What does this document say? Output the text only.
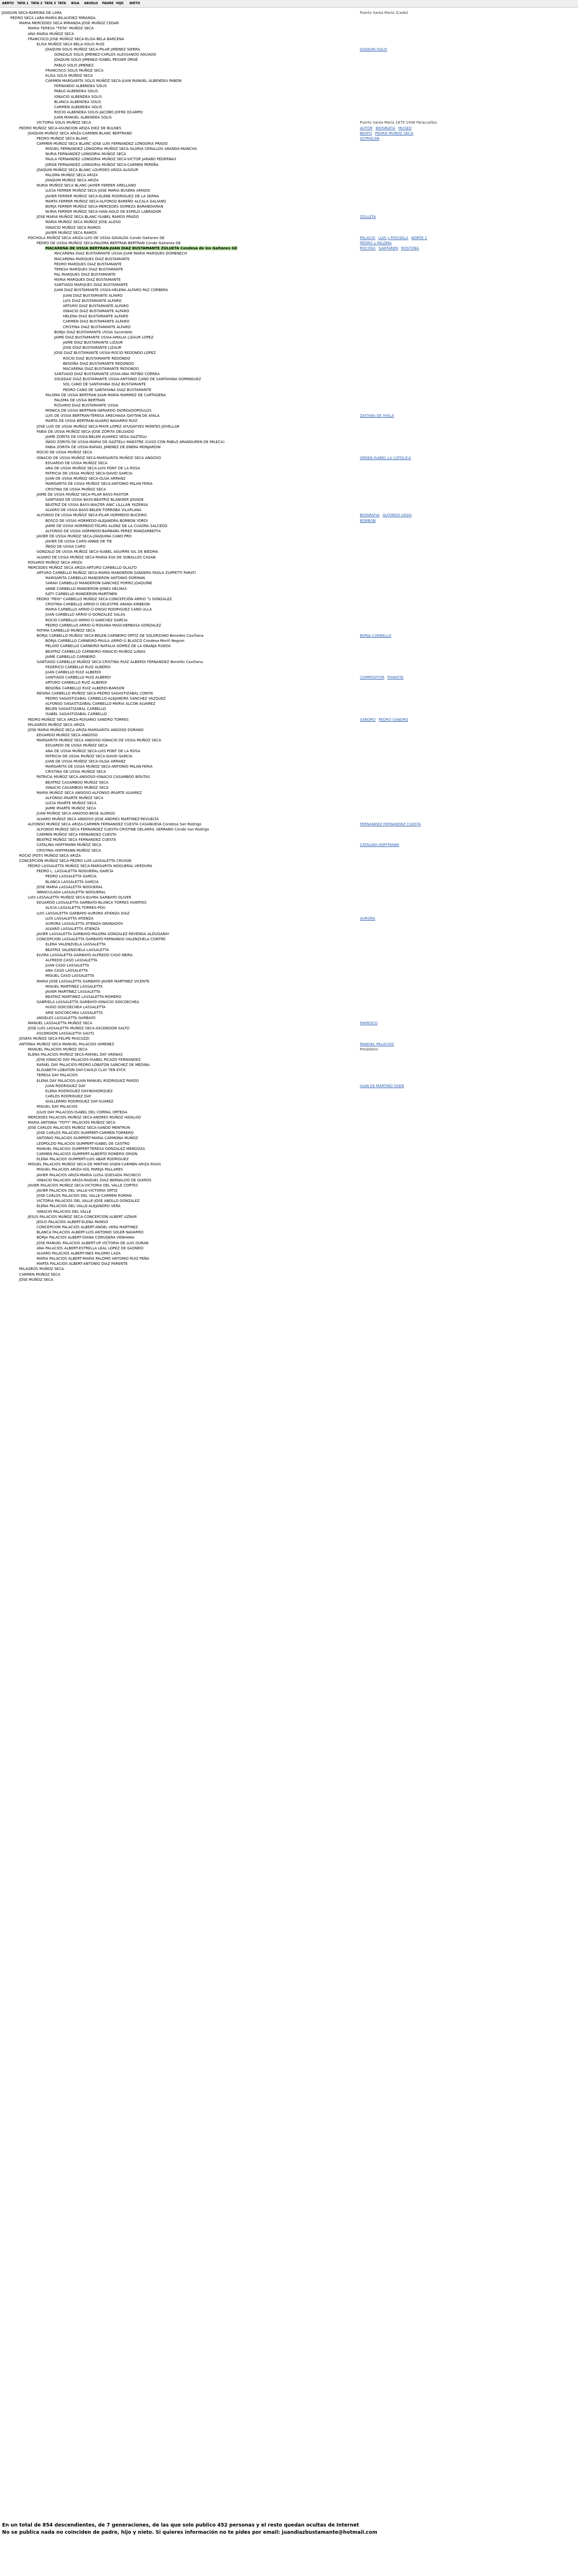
ABRTO TATA 1 TATA 2 TATA 3 TATA BISA ABUELO PADRE HIJO NIETO
JOAQUIN SECA-RAMONA DE LARA	Puerto Santa María (Cadiz)
PEDRO SECA LARA-MARIA BILAUDIEZ MIRANDA
MARIA MERCEDES SECA MIRANDA-JOSE MUÑOZ CEDAR
MARIA TERESA "TETA" MUÑOZ SECA
ANA MARIA MUÑOZ SECA
FRANCISCO JOSE MUÑOZ SECA-ELISA BELA BARCENA
ELISA MUÑOZ SECA BELA-SOLIS RUIZ
JOAQUIN SOLIS MUÑOZ SECA-PILAR JIMENEZ SIERRA	JOAQUIN SOLIS
GONZALO SOLIS JIMENEZ-CARLOS ALESSANDO AGUADO
JOAQUIN SOLIS JIMENEZ-ISABEL PESSER ORGÉ
PABLO SOLIS JIMENEZ
FRANCISCO SOLIS MUÑOZ SECA
ELISA SOLIS MUÑOZ SECA
CARMEN MARGARITA SOLIS MUÑOZ SECA-JUAN MANUEL ALBENDEA PABON
FERNANDO ALBENDEA SOLIS
PABLO ALBENDEA SOLIS
IGNACIO ALBENDEA SOLIS
BLANCA ALBENDEA SOLIS
CARMEN ALBENDEA SOLIS
ROCIO ALBENDEA SOLIS-JACOBO JOFRE OCAMPO
JUAN MANUEL ALBENDEA SOLIS
VICTORIA SOLIS MUÑOZ SECA	Puerto Santa María 1875-1936 Paracuellos
PEDRO MUÑOZ SECA-ASUNCION ARIZA DIEZ DE BULNES	AUTOR BIOGRAFIA MUSEO
JOAQUIN MUÑOZ SECA ARIZA-CARMEN BLANC BERTRAND	BEATO PEDRO MUÑOZ SECA
PEDRO MUÑOZ SECA BLANC	ASTRACAN
CARMEN MUÑOZ SECA BLANC-JOSE LUIS FERNANDEZ LONGORIA PRADO
MIGUEL FERNANDEZ LONGORIA MUÑOZ SECA-GLORIA CERALLOS ARANDA-MANCHA
NURIA FERNANDEZ LONGORIA MUÑOZ SECA
PAULA FERNANDEZ LONGORIA MUÑOZ SECA-VICTOR JARABO PEDERNAS
JORGE FERNANDEZ LONGORIA MUÑOZ SECA-CARMEN PEREÑA
JOAQUIN MUÑOZ SECA BLANC-LOURDES ARIZA ALGOUR
PALOMA MUÑOZ SECA ARIZA
JOAQUIN MUÑOZ SECA ARIZA
NURIA MUÑOZ SECA BLANC-JAVIER FERRER ARELLANO
LUCIA FERRER MUÑOZ SECA-JOSE MARIA BUSERA AMADO
JAVIER FERRER MUÑOZ SECA-ELENE RODRIGUEZ DE LA SERNA
MARTA FERRER MUÑOZ SECA-ALFONSO BAREÑO ALCALA GALIANO
BORJA FERRER MUÑOZ SECA-MERCEDES GOMEZA BARANDIARAN
NURIA FERRER MUÑOZ SECA-IVAN GOLD DE ESPELO LABRADOR
JOSE MARIA MUÑOZ SECA BLANC-ISABEL RAMOS PRADO	ZOLLETA
MARIA MUÑOZ SECA MUÑOZ JOSE ALOSO
IGNACIO MUÑOZ SECA RAMOS
JAVIER MUÑOZ SECA RAMOS
POCHOLA MUÑOZ SECA ARIZA-LUIS DE USSIA GAVALDA Conde Gaitanes GE	PALACIO LUIS y POCHOLA NORTE 1
PEDRO DE USSIA MUÑOZ SECA-PALOMA BERTRAN BERTRAN Conde Gaitanes GE	PEDRO y PALOMA
MACARENA DE USSIA BERTRAN-JUAN DIAZ BUSTAMANTE ZULUETA Condesa de los Gaitanes GE	ROCITAS SANTAREN ROSTONA
MACARENA DIAZ BUSTAMANTE USSIA-JUAN MARIA MARQUES DOMENECH
MACARENA MARQUES DIAZ BUSTAMANTE
PEDRO MARQUES DIAZ BUSTAMANTE
TERESA MARQUES DIAZ BUSTAMANTE
PAL MARQUES DIAZ BUSTAMANTE
MARIA MARQUES DIAZ BUSTAMANTE
SANTIAGO MARQUES DIAZ BUSTAMANTE
JUAN DIAZ BUSTAMANTE USSIA-HELENA ALFARO PAZ CORBERA
JUAN DIAZ BUSTAMANTE ALFARO
LUIS DIAZ BUSTAMANTE ALFARO
ARTURO DIAZ BUSTAMANTE ALFARO
IGNACIO DIAZ BUSTAMANTE ALFARO
HELENA DIAZ BUSTAMANTE ALFARO
CARMEN DIAZ BUSTAMANTE ALFARO
CRISTINA DIAZ BUSTAMANTE ALFARO
BORJA DIAZ BUSTAMANTE USSIA Sacerdote
JAIME DIAZ BUSTAMANTE USSIA-AMALIA LIZAUR LOPEZ
JAIME DIAZ BUSTAMANTE LIZAUR
JOSE DIAZ BUSTAMANTE LIZAUR
JOSE DIAZ BUSTAMANTE USSIA-ROCIO REDONDO LOPEZ
ROCIO DIAZ BUSTAMANTE REDONDO
BEGOÑA DIAZ BUSTAMANTE REDONDO
MACARENA DIAZ BUSTAMANTE REDONDO
SANTIAGO DIAZ BUSTAMANTE USSIA-ANA PATIÑO CORREA
SOLEDAD DIAZ BUSTAMANTE USSIA-ANTONIO CANO DE SANTAYANA DOMINGUEZ
SOL CANO DE SANTAYANA DIAZ BUSTAMANTE
PEDRO CANO DE SANTAYANA DIAZ BUSTAMANTE
PALOMA DE USSIA BERTRAN-JUAN MARÍA RAMIREZ DE CARTAGENA
PALOMA DE USSIA BERTRAN
ROSARIO DIAZ BUSTAMANTE USSIA
MONICA DE USSIA BERTRAN-GERARDO DIORDADOPOULOS
LUIS DE USSIA BERTRAN-TERESA ARECHAGA QAYTAN DE AYALA	ZAITANA DE AYALA
MARTA DE USSIA BERTRAN-ALVARO NAVARRO RUIZ
JOSE LUIS DE USSIA MUÑOZ SECA-MAYE LOPEZ AYUGAYVES MONTES JOVELLAR
FABIA DE USSIA MUÑOZ SECA-JOSE ZORITA DELGADO
JAIME ZORITA DE USSIA-BELEN ALVAREZ VEGA GAZTELU
IÑIGO ZORITA DE USSIA-MARIA DE GAZTELU MAESTRE (CASO CON PABLO ARANGUREN DE MILECA)
FABIA ZORITA DE USSIA-RAFAEL JIMENEZ DE ENERA MONJARDIN
ROCIO DE USSIA MUÑOZ SECA
IGNACIO DE USSIA MUÑOZ SECA-MARGARITA MUÑOZ SECA ANGOSO	GREEN ISABEL LA CATOLICA
EDUARDO DE USSIA MUÑOZ SECA
ANA DE USSIA MUÑOZ SECA-LUIS PONT DE LA ROSA
PATRICIA DE USSIA MUÑOZ SECA-DAVID GARCIA
JUAN DE USSIA MUÑOZ SECA-OLGA ARRANZ
MARGARITA DE USSIA MUÑOZ SECA-ANTONIO MILAN FERIA
CRISTINA DE USSIA MUÑOZ SECA
JAIME DE USSIA MUÑOZ SECA-PILAR BASS-RASTOR
SANTIAGO DE USSIA BASS-BEATRIZ BLANGIER JOVADE
BEATRIZ DE USSIA BASS-WALTER ANIC LILLLAN YÁZENSA
ALVARO DE USSIA BASS-BELEN TORROBA VILAPLANA
ALFONSO DE USSIA MUÑOZ SECA-PILAR HORMEDO BUCEIRO	BIOGRAFIA ALFONSO USSIA
BOSCO DE USSIA HORMEDO-ALEJANDRA BORBON YORDI	BORBON
JAIME DE USSIA HORMEDO-TELMO ALONZ DE LA CUADRA SALCEDO
ALFONSO DE USSIA HORMEDO-BARBARA PEREZ MANZARBEITIA
JAVIER DE USSIA MUÑOZ SECA-JOAQUINA CANO PRO
JAVIER DE USSIA CARO-ANNIE DE TIE
ÍÑIGO DE USSIA CARO
GONZALO DE USSIA MUÑOZ SECA-ISABEL AGUIRRE GIL DE BIEDMA
ALVARO DE USSIA MUÑOZ SECA-MARIA EVA DE SOBALLOS CASAN
ROSARIO MUÑOZ SECA ARIZA
MERCEDES MUÑOZ SECA ARIZA-ARTURO CARBELLO OLALTO
ARTURO CARBELLO MUÑOZ SECA-MARÍA MANDERON SANDERA PAOLA ZUPPETTI PARATI
MARGARITA CARBELLO MANDERON ANTONIO DORMAN
SARAH CARBELLO MANDERON-SANCHEZ PORRO JOAQUÍNE
ANNE CARBELLO MANDERON-JONES HELMAS
KATY CARBELLO MANDERON-MARTINEN
PEDRO "PEIO" CARBELLO MUÑOZ SECA-CONCEPCIÓN ARRIO "ü GONZALEZ
CRISTINA CARBELLO ARRIO-Ü DELESTRE ARANA KIRBEON
MARIA CARBELLO ARRIO-Ü-DIEGO RODRIGUEZ CANO ULLA
JUAN CARBELLO ARRIO-Ü-GONZALEZ SALAS
ROCIO CARBELLO ARRIO-Ü-SANCHEZ GARCIA
PEDRO CARBELLO ARRIO-Ü-ROXANA MASCHERBASA GONZALEZ
FATIMA CARBELLO MUÑOZ SECA
BORJA CARBELLO MUÑOZ SECA-BELEN CARNEIRO ORTIZ DE SOLORZANO Benedes Caviñana	BORJA CARBELLO
BORJA CARBELLO CARNEIRO-PAULA ARRIO-Ü BLASCO Condesa Moriñ Negron
PELAYO CARBELLO CARNEIRO-NATALIA GOMEZ DE LA GRANJA RUEDA
BEATRIZ CARBELLO CARNEIRO-IGNACIO MUÑOZ LUNAS
JAIME CARBELLO CARNEIRO
SANTIAGO CARBELLO MUÑOZ SECA-CRISTINA RUIZ ALBERDI FERNANDEZ Benellio Caviñana
FEDERICO CARBELLO RUIZ ALBERDI
JUAN CARBELLO RUIZ ALBERDI
SANTIAGO CARBELLO RUIZ ALBERDI	COMPOSITOR PIANISTA
ARTURO CARBELLO RUIZ ALBERDI
BEGOÑA CARBELLO RUIZ ALBERDI-BANSON
REGINA CARBELLO MUÑOZ SECA-PEDRO SAGASTIZABAL CONYN
PEDRO SAGASTIZABAL CARBELLO-ALEJANDRA SANCHEZ VAZQUEZ
ALFONSO SAGASTIZABAL CARBELLO-MARIA ALCON ALVAREZ
BELEN SAGASTIZABAL CARBELLO
ISABEL SAGASTIZABAL CARBELLO
PEDRO MUÑOZ SECA ARIZA-ROSARIO SANDRO TORRES	SANDRO PEDRO SANDRO
MILAGROS MUÑOZ SECA ARIZA
JOSE MARIA MUÑOZ SECA ARIZA-MARGARITA ANGOSO DORANO
EDUARDO MUÑOZ SECA ANGOSO
MARGARITA MUÑOZ SECA ANGOSO-IGNACIO DE USSIA MUÑOZ SECA
EDUARDO DE USSIA MUÑOZ SECA
ANA DE USSIA MUÑOZ SECA-LUIS PONT DE LA ROSA
PATRICIA DE USSIA MUÑOZ SECA-DAVID GARCIA
JUAN DE USSIA MUÑOZ SECA-OLGA ARRANZ
MARGARITA DE USSIA MUÑOZ SECA-ANTONIO MILAN FERIA
CRISTINA DE USSIA MUÑOZ SECA
PATRICIA MUÑOZ SECA ANGOSO-IGNACIO CASAMBOO BOUTAS
BEATRIZ CASAMBOO MUÑOZ SECA
IGNACIO CASAMBOO MUÑOZ SECA
MARÍA MUÑOZ SECA ANGOSO-ALFONSO IRIARTE ALVAREZ
ALFONSO IRIARTE MUÑOZ SECA
LUCIA IRIARTE MUÑOZ SECA
JAIME IRIARTE MUÑOZ SECA
JUAN MUÑOZ SECA ANGOSO-BESE ALONSO
ALVARO MUÑOZ SECA ANGOSO-JOSE ANDRES MARTINEZ-REVUELTA
ALFONSO MUÑOZ SECA ARIZA-CARMEN FERNANDEZ CUESTA CASANUEVA Condesa San Rodrigo	FERNANDEZ FERNANDEZ CUESTA
ALFONSO MUÑOZ SECA FERNANDEZ CUESTA-CRISTINE DELARRIL SERRANO Conde San Rodrigo
CARMEN MUÑOZ SECA FERNANDEZ CUESTA
BEATRIZ MUÑOZ SECA FERNANDEZ CUESTA
CATALINA HOFFMANN MUÑOZ SECA	CATALINA HOFFMANN
CRISTINA HOFFMANN MUÑOZ SECA
ROCIO (POTI) MUÑOZ SECA ARIZA
CONCEPCION MUÑOZ SECA-PEDRO LUIS LASSALETTA CRUSOE
PEDRO LASSALETTA MUÑOZ SECA-MARGARITA NOGUERAL VERDURA
PEDRO L. LASSALETTA NOGUERAL-GARCÍA
PEDRO LASSALETTA GARCIA
BLANCA LASSALETTA GARCIA
JOSE MARIA LASSALETTA NOGUERAL
INMACULADA LASSALETTA NOGUERAL
LUIS LASSALETTA MUÑOZ SECA-ELVIRA GARBAYO OLIVER
EDUARDO LASSALETTA GARBAYO-BLANCA TORRES HUERTAS
ALICIA LASSALETTA TORRES-POU
LUIS LASSALETTA GARBAYO-AURORA ATIENZA DIAZ
LUIS LASSALETTA ATIENZA	AURORA
AURORA LASSALETTA ATIENZA-GRANADOS
ALVARO LASSALETTA ATIENZA
JAVIER LASSALETTA GARBAYO-PALOMA GONZALEZ REVENGA ALDUGARAY
CONCEPCION LASSALETTA GARBAYO-FERNANDO VALENZUELA CONTRE
ELENA VALENZUELA LASSALETTA
BEATRIZ VALENZUELA LASSALETTA
ELVIRA LASSALETTA GARBAYO-ALFREDO CASO NEIRA
ALFREDO CASO LASSALETTA
JUAN CASO LASSALETTA
ANA CASO LASSALETTA
MIGUEL CASO LASSALETTA
MARIA JOSE LASSALETTA GARBAYO-JAVIER MARTINEZ VICENTE
MIGUEL MARTINEZ LASSALETTA
JAVIER MARTINEZ LASSALETTA
BEATRIZ MARTINEZ LASSALETTA-ROMERO
GABRIELA LASSALETTA GARBAYO-IGNACIO GOICOECHEA
HUGO GOICOECHEA LASSALETTA
ARIE GOICOECHEA LASSALETTA
ANGELES LASSALETTA GARBAYO
MANUEL LASSALETTA MUÑOZ SECA	PARROCO
JOSE LUIS LASSALETTA MUÑOZ SECA-ASCENSION SALTO
ASCENSION LASSALETTA SALTO
JOSEFA MUÑOZ SECA-FELIPE PASCUZZI
ANTONIA MUÑOZ SECA-MANUEL PALACIOS GIMENEZ	MANUEL PALACIOS
MANUEL PALACIOS MUÑOZ SECA	Presbítero
ELENA PALACIOS MUÑOZ SECA-RAFAEL DAY ARENAS
JOSE IGNACIO DAY PALACIOS-ISABEL PICAZO FERNANDEZ
RAFAEL DAY PALACIOS-PEDRO LOBATON SANCHEZ DE MEDINA
ELISABETH LOBATON DAY-CAVILO CLAY TEN EYCK
TERESA DAY PALACIOS
ELENA DAY PALACIOS-JUAN MANUEL RODRIGUEZ PARDO
JUAN RODRIGUEZ DAY	JUAN DE MARTIÑO OSEN
ELENA RODRIGUEZ DAY-BOHORQUEZ
CARLOS RODRIGUEZ DAY
GUILLERMO RODRIGUEZ DAY-SUAREZ
MIGUEL DAY PALACIOS
JULIO DAY PALACIOS-ISABEL DEL CORRAL ORTEGA
MERCEDES PALACIOS MUÑOZ SECA-ANDRES MUÑOZ HIDALGO
MARIA ANTONIA "TOTY" PALACIOS MUÑOZ SECA
JOSE CARLOS PALACIOS MUÑOZ SECA-SANDO MENTRUN
JOSE CARLOS PALACIOS GUMPERT-CARMEN TORRERO
ANTONIO PALACIOS GUMPERT-MARIA CARMONA MUÑOZ
LEOPOLDO PALACIOS GUMPERT-ISABEL DE CASTRO
MANUEL PALACIOS GUMPERT-TERESA GONZALEZ MENDOZA
CARMEN PALACIOS GUMPERT-ALBERTO ROMERO ORION
ELENA PALACIOS GUMPERT-LUIS ABAR RODRIGUEZ
MIGUEL PALACIOS MUÑOZ SECA-DE MINTHO-SISEN-CARMEN ARIZA RIVAS
MIGUEL PALACIOS ARIZA-SOL PAREJA PALLARES
JAVIER PALACIOS ARIZA-MARIA LUISA QUESADA PACHECO
IGNACIO PALACIOS ARIZA-RAQUEL DIAZ BERNALDO DE QUIROS
JAVIER PALACIOS MUÑOZ SECA-VICTORIA DEL VALLE CORTES
JAVIER PALACIOS DEL VALLE-VICTORIA ORTIZ
JOSE CARLOS PALACIOS DEL VALLE-CARMEN ROMAN
VICTORIA PALACIOS DEL VALLE-JOSE ABOLLO GONZALEZ
ELENA PALACIOS DEL VALLE-ALEJANDRO VERA
IGNACIO PALACIOS DEL VALLE
JESUS PALACIOS MUÑOZ SECA-CONCEPCION ALBERT AZNAR
JESUS PALACIOS ALBERT-ELENA MANSO
CONCEPCION PALACIOS ALBERT-ANGEL VERA MARTINEZ
BLANCA PALACIOS ALBERT-LUIS ANTONIO SOLER NAVARRO
BORJA PALACIOS ALBERT-DIANA CORUGERA VENHANA
JOSE MANUEL PALACIOS ALBERT-UP VICTORIA DE LUIS DURAN
ANA PALACIOS ALBERT-ESTRELLA LEAL LOPEZ DE GAONDO
ALVARO PALACIOS ALBERT-INES PALOMO LAZA
MARIA PALACIOS ALBERT-MARIA PALOMO ANTONIO RUIZ PEÑA
MARTA PALACIOS ALBERT-ANTONIO DIAZ PARENTE
MILAGROS MUÑOZ SECA
CARMEN MUÑOZ SECA
JOSE MUÑOZ SECA
En un total de 854 descendientes, de 7 generaciones, de las que solo publico 452 personas y el resto quedan ocultas de Internet
No se publica nada no coinciden de padre, hijo y nieto. Si quieres información no te pides por email: juandiazbustamante@hotmail.com
